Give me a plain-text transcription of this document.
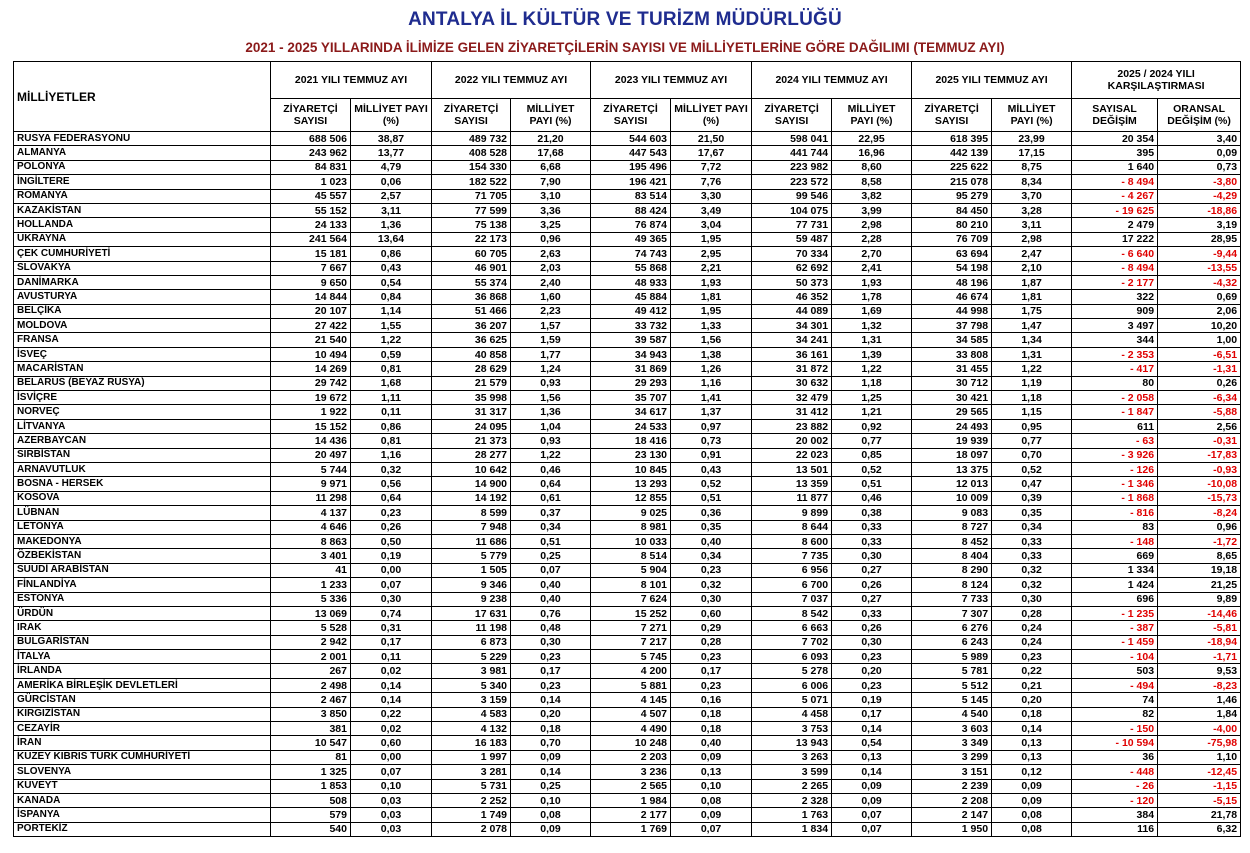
ANTALYA İL KÜLTÜR VE TURİZM MÜDÜRLÜĞÜ
2021 - 2025 YILLARINDA İLİMİZE GELEN ZİYARETÇİLERİN SAYISI VE MİLLİYETLERİNE GÖRE DAĞILIMI (TEMMUZ AYI)
MİLLİYETLER	2021 YILI TEMMUZ AYI		2022 YILI TEMMUZ AYI		2023 YILI TEMMUZ AYI		2024 YILI TEMMUZ AYI		2025 YILI TEMMUZ AYI		2025 / 2024 YILI KARŞILAŞTIRMASI	
	ZİYARETÇİ SAYISI	MİLLİYET PAYI (%)	ZİYARETÇİ SAYISI	MİLLİYET PAYI (%)	ZİYARETÇİ SAYISI	MİLLİYET PAYI (%)	ZİYARETÇİ SAYISI	MİLLİYET PAYI (%)	ZİYARETÇİ SAYISI	MİLLİYET PAYI (%)	SAYISAL DEĞİŞİM	ORANSAL DEĞİŞİM (%)
RUSYA FEDERASYONU	688 506	38,87	489 732	21,20	544 603	21,50	598 041	22,95	618 395	23,99	20 354	3,40
ALMANYA	243 962	13,77	408 528	17,68	447 543	17,67	441 744	16,96	442 139	17,15	395	0,09
POLONYA	84 831	4,79	154 330	6,68	195 496	7,72	223 982	8,60	225 622	8,75	1 640	0,73
İNGİLTERE	1 023	0,06	182 522	7,90	196 421	7,76	223 572	8,58	215 078	8,34	- 8 494	-3,80
ROMANYA	45 557	2,57	71 705	3,10	83 514	3,30	99 546	3,82	95 279	3,70	- 4 267	-4,29
KAZAKİSTAN	55 152	3,11	77 599	3,36	88 424	3,49	104 075	3,99	84 450	3,28	- 19 625	-18,86
HOLLANDA	24 133	1,36	75 138	3,25	76 874	3,04	77 731	2,98	80 210	3,11	2 479	3,19
UKRAYNA	241 564	13,64	22 173	0,96	49 365	1,95	59 487	2,28	76 709	2,98	17 222	28,95
ÇEK CUMHURİYETİ	15 181	0,86	60 705	2,63	74 743	2,95	70 334	2,70	63 694	2,47	- 6 640	-9,44
SLOVAKYA	7 667	0,43	46 901	2,03	55 868	2,21	62 692	2,41	54 198	2,10	- 8 494	-13,55
DANİMARKA	9 650	0,54	55 374	2,40	48 933	1,93	50 373	1,93	48 196	1,87	- 2 177	-4,32
AVUSTURYA	14 844	0,84	36 868	1,60	45 884	1,81	46 352	1,78	46 674	1,81	322	0,69
BELÇİKA	20 107	1,14	51 466	2,23	49 412	1,95	44 089	1,69	44 998	1,75	909	2,06
MOLDOVA	27 422	1,55	36 207	1,57	33 732	1,33	34 301	1,32	37 798	1,47	3 497	10,20
FRANSA	21 540	1,22	36 625	1,59	39 587	1,56	34 241	1,31	34 585	1,34	344	1,00
İSVEÇ	10 494	0,59	40 858	1,77	34 943	1,38	36 161	1,39	33 808	1,31	- 2 353	-6,51
MACARİSTAN	14 269	0,81	28 629	1,24	31 869	1,26	31 872	1,22	31 455	1,22	- 417	-1,31
BELARUS (BEYAZ RUSYA)	29 742	1,68	21 579	0,93	29 293	1,16	30 632	1,18	30 712	1,19	80	0,26
İSVİÇRE	19 672	1,11	35 998	1,56	35 707	1,41	32 479	1,25	30 421	1,18	- 2 058	-6,34
NORVEÇ	1 922	0,11	31 317	1,36	34 617	1,37	31 412	1,21	29 565	1,15	- 1 847	-5,88
LİTVANYA	15 152	0,86	24 095	1,04	24 533	0,97	23 882	0,92	24 493	0,95	611	2,56
AZERBAYCAN	14 436	0,81	21 373	0,93	18 416	0,73	20 002	0,77	19 939	0,77	- 63	-0,31
SIRBİSTAN	20 497	1,16	28 277	1,22	23 130	0,91	22 023	0,85	18 097	0,70	- 3 926	-17,83
ARNAVUTLUK	5 744	0,32	10 642	0,46	10 845	0,43	13 501	0,52	13 375	0,52	- 126	-0,93
BOSNA - HERSEK	9 971	0,56	14 900	0,64	13 293	0,52	13 359	0,51	12 013	0,47	- 1 346	-10,08
KOSOVA	11 298	0,64	14 192	0,61	12 855	0,51	11 877	0,46	10 009	0,39	- 1 868	-15,73
LÜBNAN	4 137	0,23	8 599	0,37	9 025	0,36	9 899	0,38	9 083	0,35	- 816	-8,24
LETONYA	4 646	0,26	7 948	0,34	8 981	0,35	8 644	0,33	8 727	0,34	83	0,96
MAKEDONYA	8 863	0,50	11 686	0,51	10 033	0,40	8 600	0,33	8 452	0,33	- 148	-1,72
ÖZBEKİSTAN	3 401	0,19	5 779	0,25	8 514	0,34	7 735	0,30	8 404	0,33	669	8,65
SUUDİ ARABİSTAN	41	0,00	1 505	0,07	5 904	0,23	6 956	0,27	8 290	0,32	1 334	19,18
FİNLANDİYA	1 233	0,07	9 346	0,40	8 101	0,32	6 700	0,26	8 124	0,32	1 424	21,25
ESTONYA	5 336	0,30	9 238	0,40	7 624	0,30	7 037	0,27	7 733	0,30	696	9,89
ÜRDÜN	13 069	0,74	17 631	0,76	15 252	0,60	8 542	0,33	7 307	0,28	- 1 235	-14,46
IRAK	5 528	0,31	11 198	0,48	7 271	0,29	6 663	0,26	6 276	0,24	- 387	-5,81
BULGARİSTAN	2 942	0,17	6 873	0,30	7 217	0,28	7 702	0,30	6 243	0,24	- 1 459	-18,94
İTALYA	2 001	0,11	5 229	0,23	5 745	0,23	6 093	0,23	5 989	0,23	- 104	-1,71
İRLANDA	267	0,02	3 981	0,17	4 200	0,17	5 278	0,20	5 781	0,22	503	9,53
AMERİKA BİRLEŞİK DEVLETLERİ	2 498	0,14	5 340	0,23	5 881	0,23	6 006	0,23	5 512	0,21	- 494	-8,23
GÜRCİSTAN	2 467	0,14	3 159	0,14	4 145	0,16	5 071	0,19	5 145	0,20	74	1,46
KIRGIZİSTAN	3 850	0,22	4 583	0,20	4 507	0,18	4 458	0,17	4 540	0,18	82	1,84
CEZAYİR	381	0,02	4 132	0,18	4 490	0,18	3 753	0,14	3 603	0,14	- 150	-4,00
İRAN	10 547	0,60	16 183	0,70	10 248	0,40	13 943	0,54	3 349	0,13	- 10 594	-75,98
KUZEY KIBRIS TÜRK CUMHURİYETİ	81	0,00	1 997	0,09	2 203	0,09	3 263	0,13	3 299	0,13	36	1,10
SLOVENYA	1 325	0,07	3 281	0,14	3 236	0,13	3 599	0,14	3 151	0,12	- 448	-12,45
KUVEYT	1 853	0,10	5 731	0,25	2 565	0,10	2 265	0,09	2 239	0,09	- 26	-1,15
KANADA	508	0,03	2 252	0,10	1 984	0,08	2 328	0,09	2 208	0,09	- 120	-5,15
İSPANYA	579	0,03	1 749	0,08	2 177	0,09	1 763	0,07	2 147	0,08	384	21,78
PORTEKİZ	540	0,03	2 078	0,09	1 769	0,07	1 834	0,07	1 950	0,08	116	6,32
